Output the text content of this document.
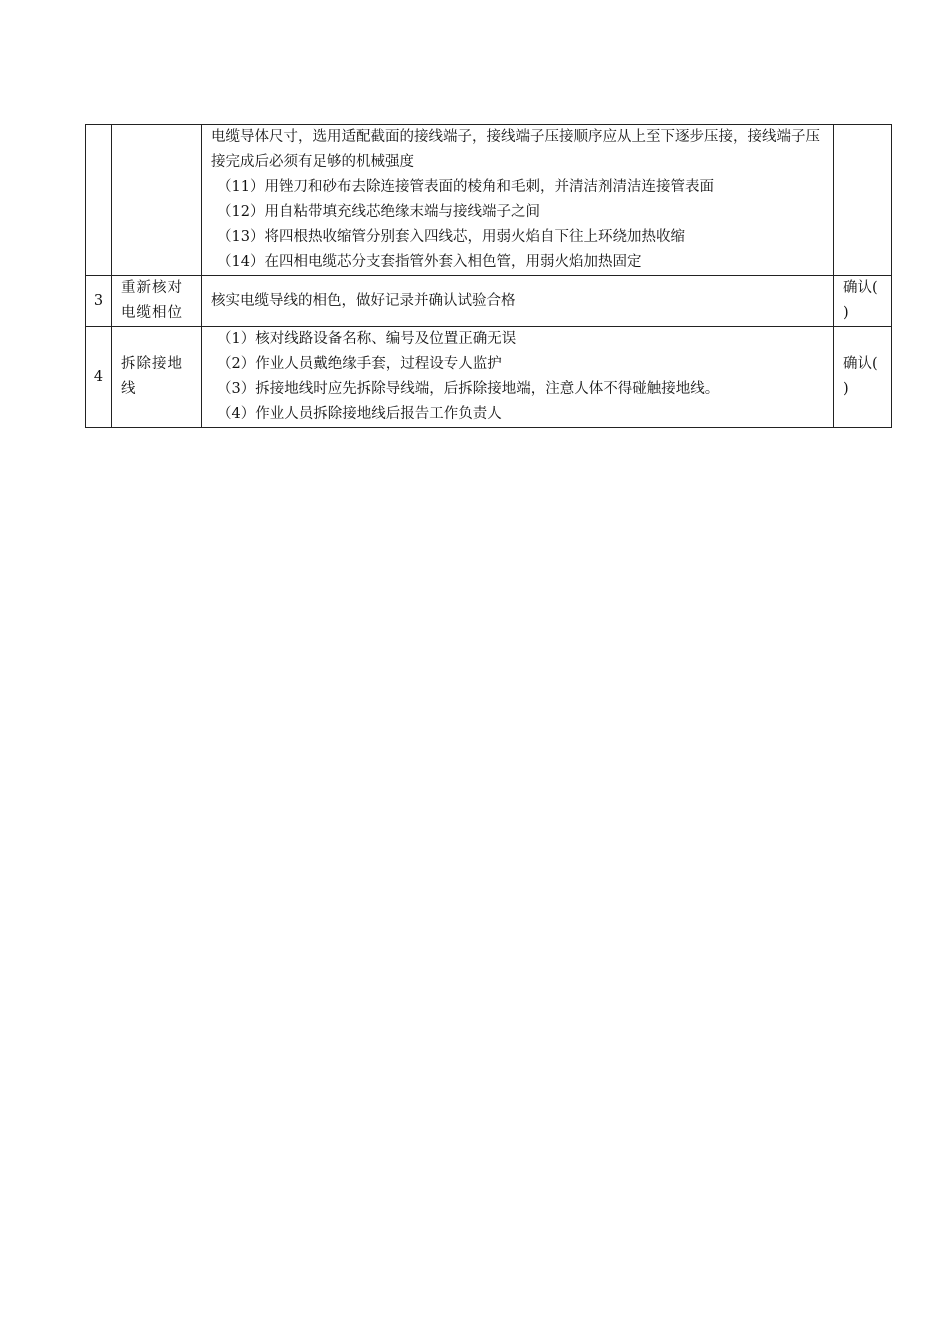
		电缆导体尺寸，选用适配截面的接线端子，接线端子压接顺序应从上至下逐步压接，接线端子压接完成后必须有足够的机械强度
（11）用锉刀和砂布去除连接管表面的棱角和毛刺，并清洁剂清洁连接管表面
（12）用自粘带填充线芯绝缘末端与接线端子之间
（13）将四根热收缩管分别套入四线芯，用弱火焰自下往上环绕加热收缩
（14）在四相电缆芯分支套指管外套入相色管，用弱火焰加热固定	

3	重新核对电缆相位	核实电缆导线的相色，做好记录并确认试验合格	确认(　　)
4	拆除接地线	（1）核对线路设备名称、编号及位置正确无误
（2）作业人员戴绝缘手套，过程设专人监护
（3）拆接地线时应先拆除导线端，后拆除接地端，注意人体不得碰触接地线。
（4）作业人员拆除接地线后报告工作负责人	确认(　　)
